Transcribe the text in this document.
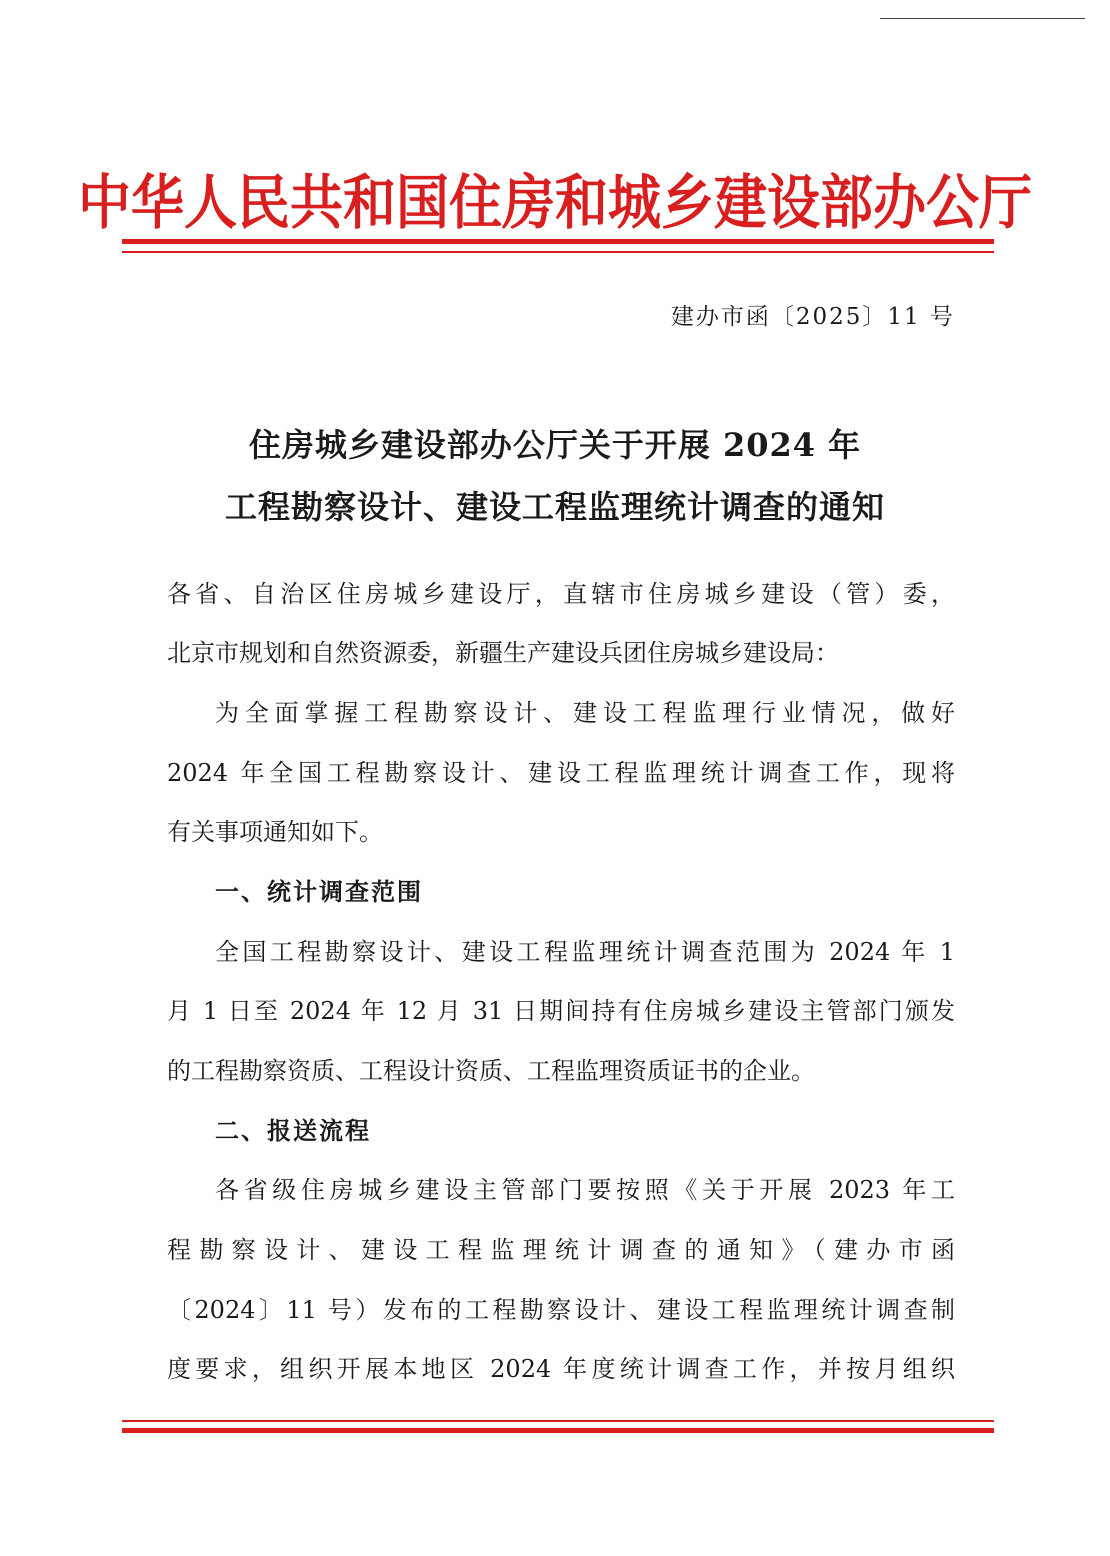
中华人民共和国住房和城乡建设部办公厅
建办市函〔2025〕11 号
住房城乡建设部办公厅关于开展 2024 年
工程勘察设计、建设工程监理统计调查的通知
各省、自治区住房城乡建设厅，直辖市住房城乡建设（管）委，
北京市规划和自然资源委，新疆生产建设兵团住房城乡建设局：
为全面掌握工程勘察设计、建设工程监理行业情况，做好
2024 年全国工程勘察设计、建设工程监理统计调查工作，现将
有关事项通知如下。
一、统计调查范围
全国工程勘察设计、建设工程监理统计调查范围为 2024 年 1
月 1 日至 2024 年 12 月 31 日期间持有住房城乡建设主管部门颁发
的工程勘察资质、工程设计资质、工程监理资质证书的企业。
二、报送流程
各省级住房城乡建设主管部门要按照《关于开展 2023 年工
程勘察设计、建设工程监理统计调查的通知》（建办市函
〔2024〕11 号）发布的工程勘察设计、建设工程监理统计调查制
度要求，组织开展本地区 2024 年度统计调查工作，并按月组织
